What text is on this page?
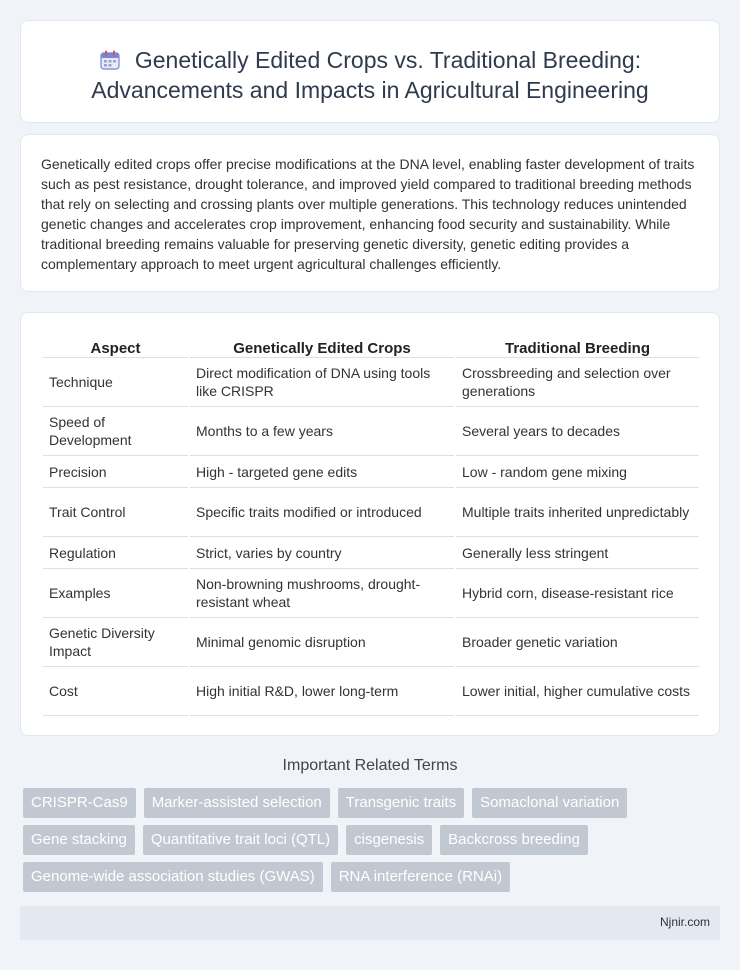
Genetically Edited Crops vs. Traditional Breeding:
Advancements and Impacts in Agricultural Engineering

Genetically edited crops offer precise modifications at the DNA level, enabling faster development of traits such as pest resistance, drought tolerance, and improved yield compared to traditional breeding methods that rely on selecting and crossing plants over multiple generations. This technology reduces unintended genetic changes and accelerates crop improvement, enhancing food security and sustainability. While traditional breeding remains valuable for preserving genetic diversity, genetic editing provides a complementary approach to meet urgent agricultural challenges efficiently.

Aspect	Genetically Edited Crops	Traditional Breeding
Technique	Direct modification of DNA using tools like CRISPR	Crossbreeding and selection over generations
Speed of Development	Months to a few years	Several years to decades
Precision	High - targeted gene edits	Low - random gene mixing
Trait Control	Specific traits modified or introduced	Multiple traits inherited unpredictably
Regulation	Strict, varies by country	Generally less stringent
Examples	Non-browning mushrooms, drought-resistant wheat	Hybrid corn, disease-resistant rice
Genetic Diversity Impact	Minimal genomic disruption	Broader genetic variation
Cost	High initial R&D, lower long-term	Lower initial, higher cumulative costs
Important Related Terms
CRISPR-Cas9	Marker-assisted selection	Transgenic traits	Somaclonal variation
Gene stacking	Quantitative trait loci (QTL)	cisgenesis	Backcross breeding
Genome-wide association studies (GWAS)	RNA interference (RNAi)
Njnir.com
